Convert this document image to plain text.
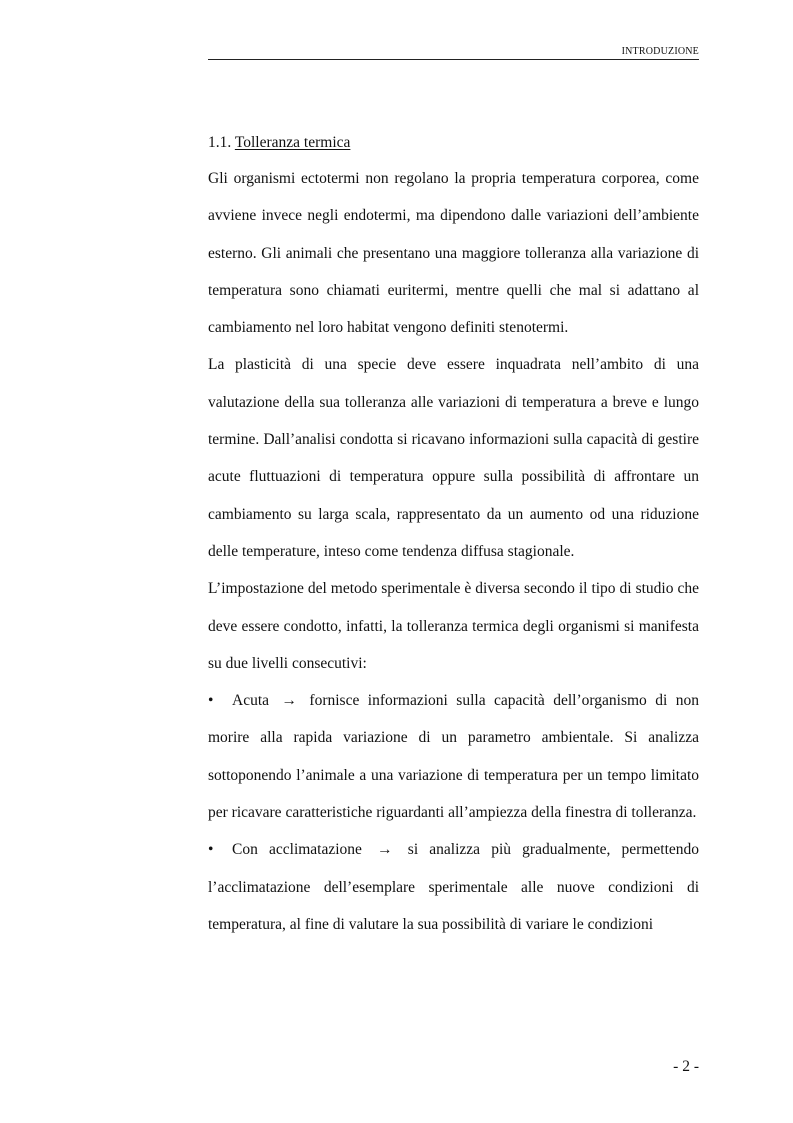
INTRODUZIONE
1.1. Tolleranza termica

Gli organismi ectotermi non regolano la propria temperatura corporea, come avviene invece negli endotermi, ma dipendono dalle variazioni dell’ambiente esterno. Gli animali che presentano una maggiore tolleranza alla variazione di temperatura sono chiamati euritermi, mentre quelli che mal si adattano al cambiamento nel loro habitat vengono definiti stenotermi.

La plasticità di una specie deve essere inquadrata nell’ambito di una valutazione della sua tolleranza alle variazioni di temperatura a breve e lungo termine. Dall’analisi condotta si ricavano informazioni sulla capacità di gestire acute fluttuazioni di temperatura oppure sulla possibilità di affrontare un cambiamento su larga scala, rappresentato da un aumento od una riduzione delle temperature, inteso come tendenza diffusa stagionale.

L’impostazione del metodo sperimentale è diversa secondo il tipo di studio che deve essere condotto, infatti, la tolleranza termica degli organismi si manifesta su due livelli consecutivi:

• Acuta → fornisce informazioni sulla capacità dell’organismo di non morire alla rapida variazione di un parametro ambientale. Si analizza sottoponendo l’animale a una variazione di temperatura per un tempo limitato per ricavare caratteristiche riguardanti all’ampiezza della finestra di tolleranza.

• Con acclimatazione → si analizza più gradualmente, permettendo l’acclimatazione dell’esemplare sperimentale alle nuove condizioni di temperatura, al fine di valutare la sua possibilità di variare le condizioni

- 2 -
